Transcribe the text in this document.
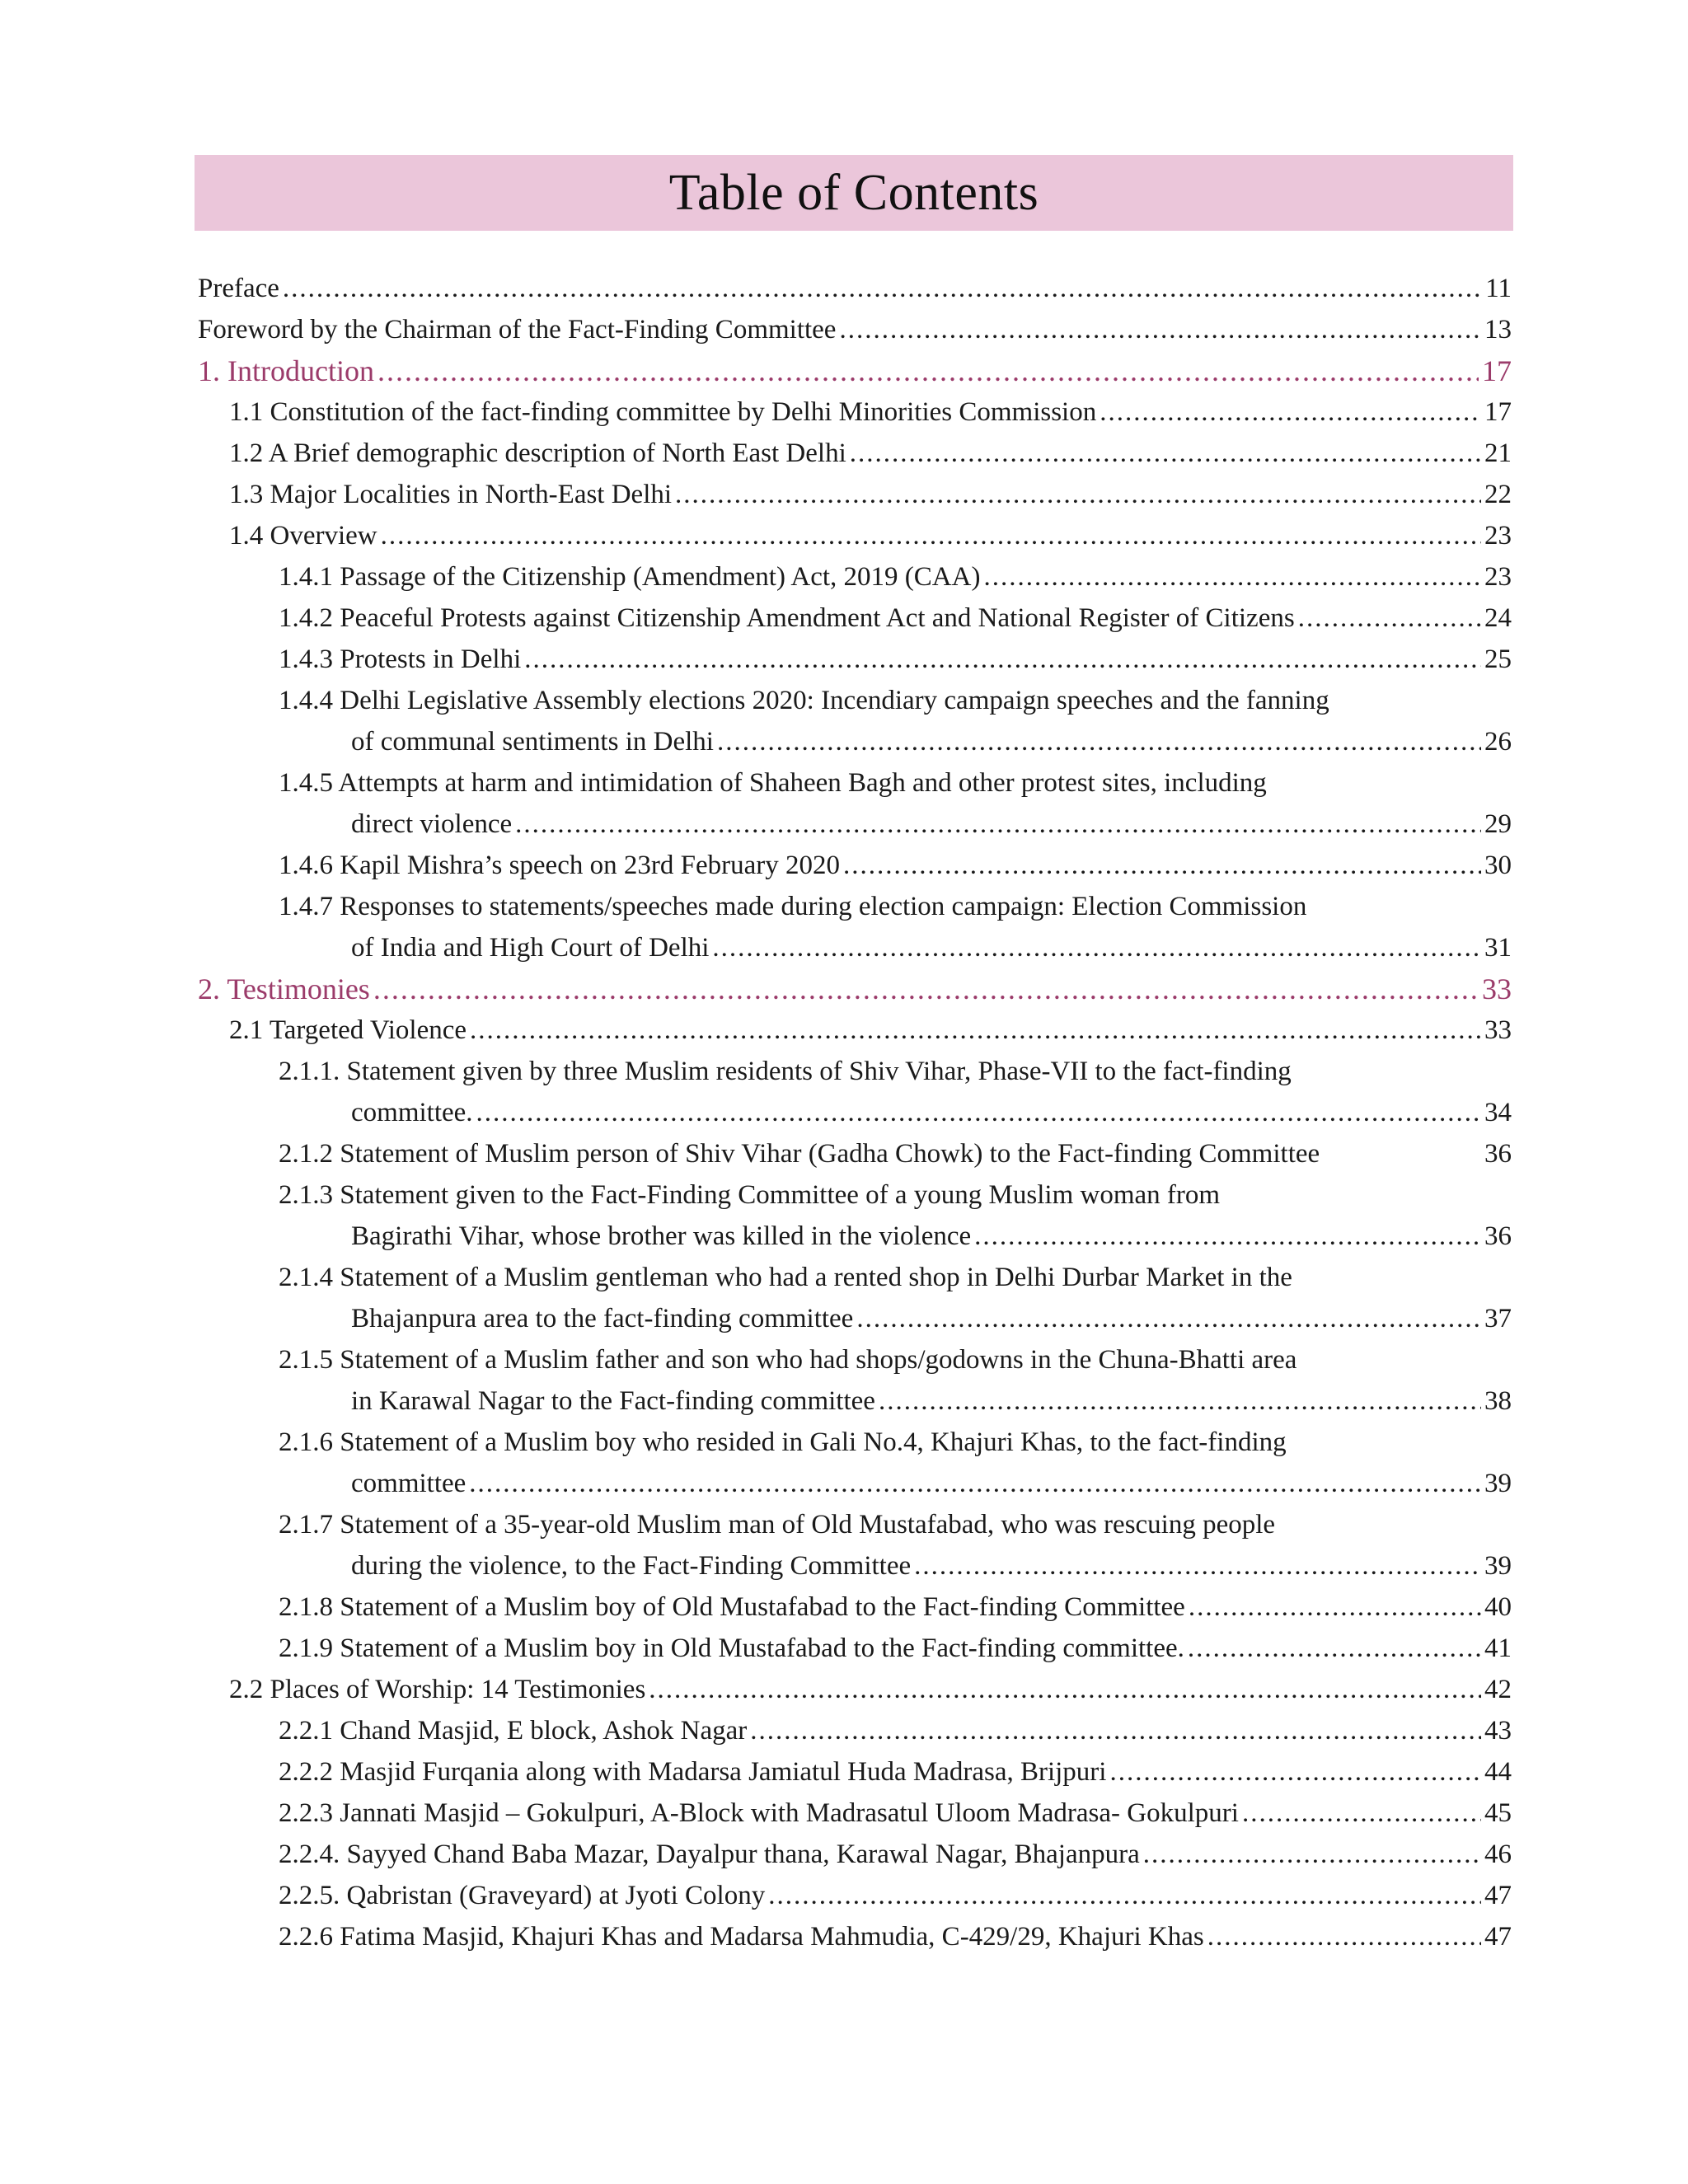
Table of Contents
Preface .....	11
Foreword by the Chairman of the Fact-Finding Committee .....	13
1. Introduction .....	17
1.1 Constitution of the fact-finding committee by Delhi Minorities Commission .....	17
1.2 A Brief demographic description of North East Delhi .....	21
1.3 Major Localities in North-East Delhi .....	22
1.4 Overview .....	23
1.4.1 Passage of the Citizenship (Amendment) Act, 2019 (CAA) .....	23
1.4.2 Peaceful Protests against Citizenship Amendment Act and National Register of Citizens .....	24
1.4.3 Protests in Delhi .....	25
1.4.4 Delhi Legislative Assembly elections 2020: Incendiary campaign speeches and the fanning
of communal sentiments in Delhi .....	26
1.4.5 Attempts at harm and intimidation of Shaheen Bagh and other protest sites, including
direct violence .....	29
1.4.6 Kapil Mishra’s speech on 23rd February 2020 .....	30
1.4.7 Responses to statements/speeches made during election campaign: Election Commission
of India and High Court of Delhi .....	31
2. Testimonies .....	33
2.1 Targeted Violence .....	33
2.1.1. Statement given by three Muslim residents of Shiv Vihar, Phase-VII to the fact-finding
committee. .....	34
2.1.2 Statement of Muslim person of Shiv Vihar (Gadha Chowk) to the Fact-finding Committee	36
2.1.3 Statement given to the Fact-Finding Committee of a young Muslim woman from
Bagirathi Vihar, whose brother was killed in the violence .....	36
2.1.4 Statement of a Muslim gentleman who had a rented shop in Delhi Durbar Market in the
Bhajanpura area to the fact-finding committee .....	37
2.1.5 Statement of a Muslim father and son who had shops/godowns in the Chuna-Bhatti area
in Karawal Nagar to the Fact-finding committee .....	38
2.1.6 Statement of a Muslim boy who resided in Gali No.4, Khajuri Khas, to the fact-finding
committee .....	39
2.1.7 Statement of a 35-year-old Muslim man of Old Mustafabad, who was rescuing people
during the violence, to the Fact-Finding Committee .....	39
2.1.8 Statement of a Muslim boy of Old Mustafabad to the Fact-finding Committee .....	40
2.1.9 Statement of a Muslim boy in Old Mustafabad to the Fact-finding committee. .....	41
2.2 Places of Worship: 14 Testimonies .....	42
2.2.1 Chand Masjid, E block, Ashok Nagar .....	43
2.2.2 Masjid Furqania along with Madarsa Jamiatul Huda Madrasa, Brijpuri .....	44
2.2.3 Jannati Masjid – Gokulpuri, A-Block with Madrasatul Uloom Madrasa- Gokulpuri .....	45
2.2.4. Sayyed Chand Baba Mazar, Dayalpur thana, Karawal Nagar, Bhajanpura .....	46
2.2.5. Qabristan (Graveyard) at Jyoti Colony .....	47
2.2.6 Fatima Masjid, Khajuri Khas and Madarsa Mahmudia, C-429/29, Khajuri Khas .....	47
